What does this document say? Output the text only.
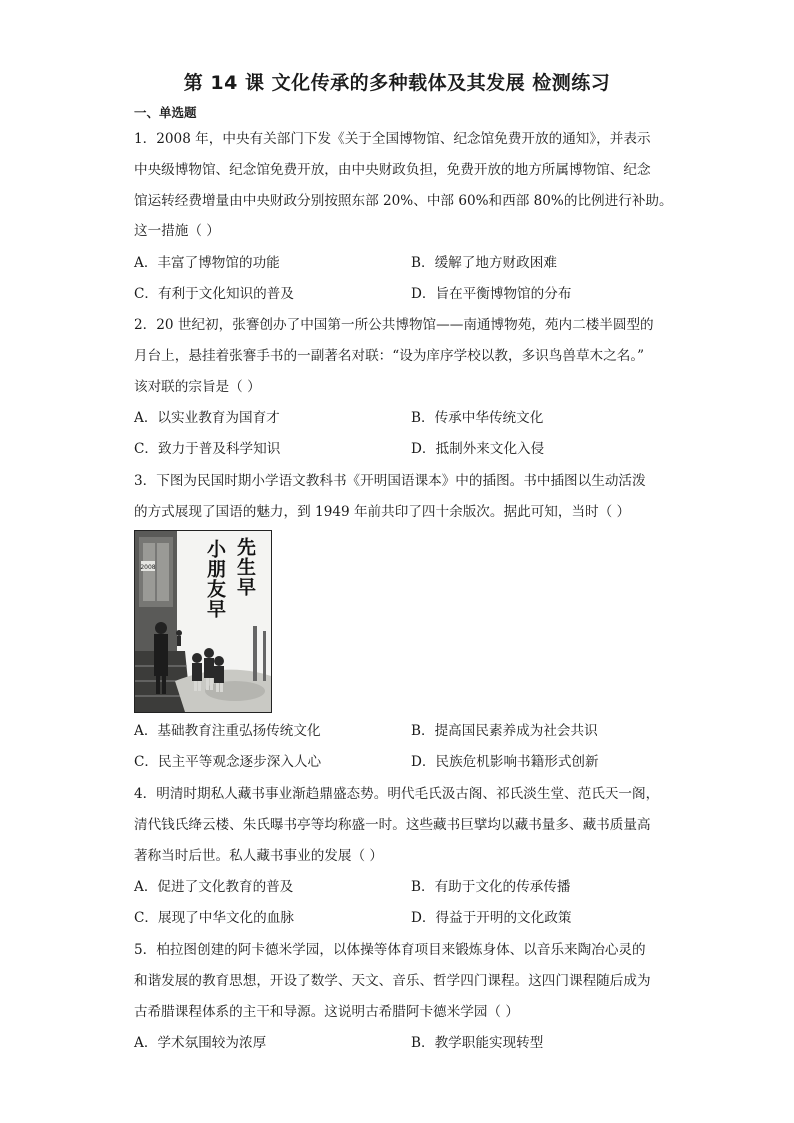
第 14 课 文化传承的多种载体及其发展 检测练习
一、单选题
1．2008 年，中央有关部门下发《关于全国博物馆、纪念馆免费开放的通知》，并表示
中央级博物馆、纪念馆免费开放，由中央财政负担，免费开放的地方所属博物馆、纪念
馆运转经费增量由中央财政分别按照东部 20%、中部 60%和西部 80%的比例进行补助。
这一措施（ ）
A．丰富了博物馆的功能	B．缓解了地方财政困难
C．有利于文化知识的普及	D．旨在平衡博物馆的分布
2．20 世纪初，张謇创办了中国第一所公共博物馆——南通博物苑，苑内二楼半圆型的
月台上，悬挂着张謇手书的一副著名对联：“设为庠序学校以教，多识鸟兽草木之名。”
该对联的宗旨是（ ）
A．以实业教育为国育才	B．传承中华传统文化
C．致力于普及科学知识	D．抵制外来文化入侵
3．下图为民国时期小学语文教科书《开明国语课本》中的插图。书中插图以生动活泼
的方式展现了国语的魅力，到 1949 年前共印了四十余版次。据此可知，当时（ ）
2008	先生早
小朋友早
A．基础教育注重弘扬传统文化	B．提高国民素养成为社会共识
C．民主平等观念逐步深入人心	D．民族危机影响书籍形式创新
4．明清时期私人藏书事业渐趋鼎盛态势。明代毛氏汲古阁、祁氏淡生堂、范氏天一阁，
清代钱氏绛云楼、朱氏曝书亭等均称盛一时。这些藏书巨擘均以藏书量多、藏书质量高
著称当时后世。私人藏书事业的发展（ ）
A．促进了文化教育的普及	B．有助于文化的传承传播
C．展现了中华文化的血脉	D．得益于开明的文化政策
5．柏拉图创建的阿卡德米学园，以体操等体育项目来锻炼身体、以音乐来陶冶心灵的
和谐发展的教育思想，开设了数学、天文、音乐、哲学四门课程。这四门课程随后成为
古希腊课程体系的主干和导源。这说明古希腊阿卡德米学园（ ）
A．学术氛围较为浓厚	B．教学职能实现转型
